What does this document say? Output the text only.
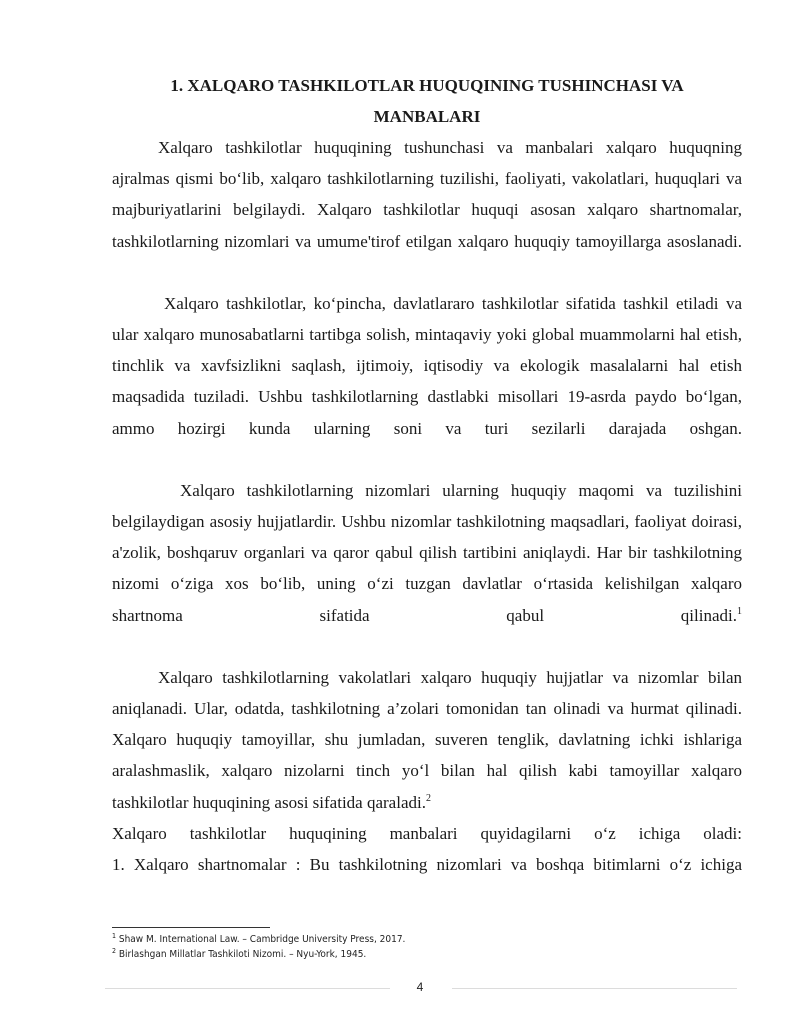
1. XALQARO TASHKILOTLAR HUQUQINING TUSHINCHASI VA
MANBALARI

Xalqaro tashkilotlar huquqining tushunchasi va manbalari xalqaro huquqning ajralmas qismi bo‘lib, xalqaro tashkilotlarning tuzilishi, faoliyati, vakolatlari, huquqlari va majburiyatlarini belgilaydi. Xalqaro tashkilotlar huquqi asosan xalqaro shartnomalar, tashkilotlarning nizomlari va umume'tirof etilgan xalqaro huquqiy tamoyillarga asoslanadi.

Xalqaro tashkilotlar, ko‘pincha, davlatlararo tashkilotlar sifatida tashkil etiladi va ular xalqaro munosabatlarni tartibga solish, mintaqaviy yoki global muammolarni hal etish, tinchlik va xavfsizlikni saqlash, ijtimoiy, iqtisodiy va ekologik masalalarni hal etish maqsadida tuziladi. Ushbu tashkilotlarning dastlabki misollari 19-asrda paydo bo‘lgan, ammo hozirgi kunda ularning soni va turi sezilarli darajada oshgan.

Xalqaro tashkilotlarning nizomlari ularning huquqiy maqomi va tuzilishini belgilaydigan asosiy hujjatlardir. Ushbu nizomlar tashkilotning maqsadlari, faoliyat doirasi, a'zolik, boshqaruv organlari va qaror qabul qilish tartibini aniqlaydi. Har bir tashkilotning nizomi o‘ziga xos bo‘lib, uning o‘zi tuzgan davlatlar o‘rtasida kelishilgan xalqaro shartnoma sifatida qabul qilinadi.$^1$

Xalqaro tashkilotlarning vakolatlari xalqaro huquqiy hujjatlar va nizomlar bilan aniqlanadi. Ular, odatda, tashkilotning a’zolari tomonidan tan olinadi va hurmat qilinadi. Xalqaro huquqiy tamoyillar, shu jumladan, suveren tenglik, davlatning ichki ishlariga aralashmaslik, xalqaro nizolarni tinch yo‘l bilan hal qilish kabi tamoyillar xalqaro tashkilotlar huquqining asosi sifatida qaraladi.$^2$

Xalqaro tashkilotlar huquqining manbalari quyidagilarni o‘z ichiga oladi:

1. Xalqaro shartnomalar : Bu tashkilotning nizomlari va boshqa bitimlarni o‘z ichiga

$^1$ Shaw M. International Law. – Cambridge University Press, 2017.
$^2$ Birlashgan Millatlar Tashkiloti Nizomi. – Nyu-York, 1945.
4
